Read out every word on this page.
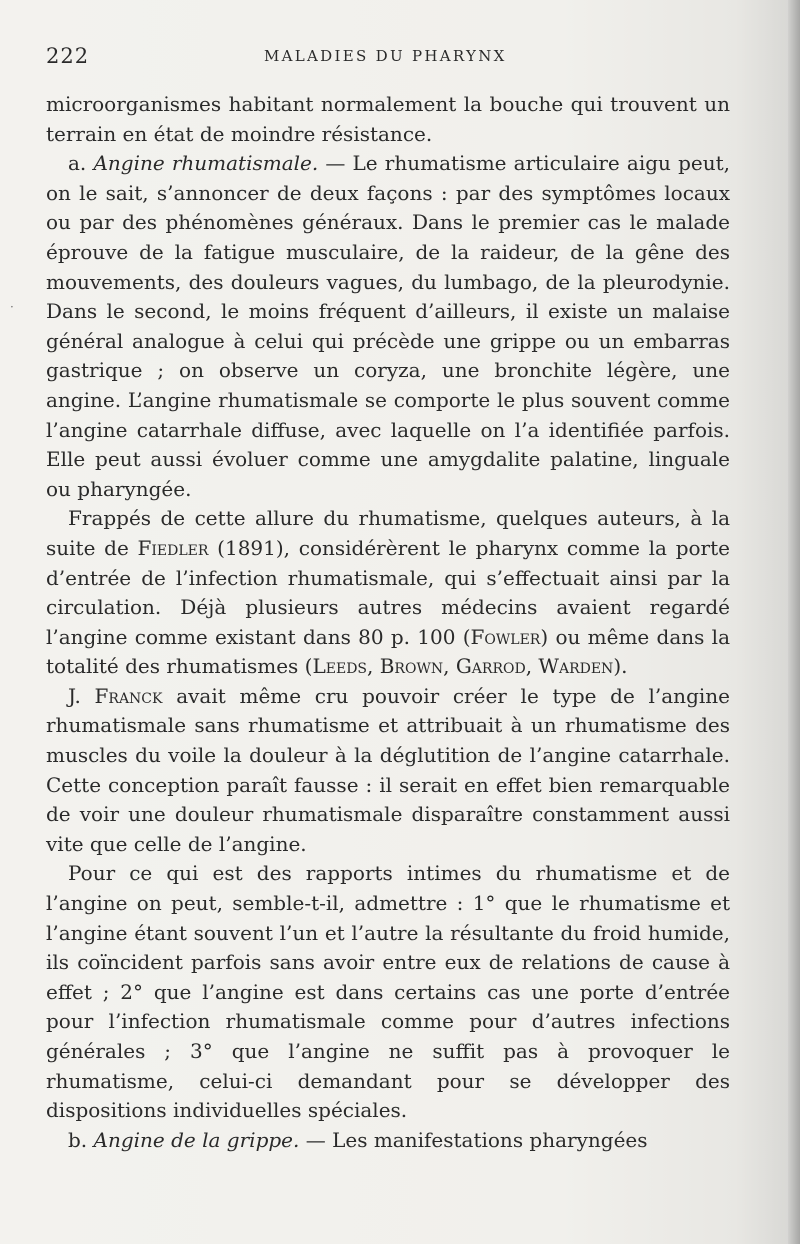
·
222	MALADIES DU PHARYNX

microorganismes habitant normalement la bouche qui trouvent un terrain en état de moindre résistance.

a. Angine rhumatismale. — Le rhumatisme articulaire aigu peut, on le sait, s’annoncer de deux façons : par des symptômes locaux ou par des phénomènes généraux. Dans le premier cas le malade éprouve de la fatigue musculaire, de la raideur, de la gêne des mouvements, des douleurs vagues, du lumbago, de la pleurodynie. Dans le second, le moins fréquent d’ailleurs, il existe un malaise général analogue à celui qui précède une grippe ou un embarras gastrique ; on observe un coryza, une bronchite légère, une angine. L’angine rhumatismale se comporte le plus souvent comme l’angine catarrhale diffuse, avec laquelle on l’a identifiée parfois. Elle peut aussi évoluer comme une amygdalite palatine, linguale ou pharyngée.

Frappés de cette allure du rhumatisme, quelques auteurs, à la suite de Fiedler (1891), considérèrent le pharynx comme la porte d’entrée de l’infection rhumatismale, qui s’effectuait ainsi par la circulation. Déjà plusieurs autres médecins avaient regardé l’angine comme existant dans 80 p. 100 (Fowler) ou même dans la totalité des rhumatismes (Leeds, Brown, Garrod, Warden).

J. Franck avait même cru pouvoir créer le type de l’angine rhumatismale sans rhumatisme et attribuait à un rhumatisme des muscles du voile la douleur à la déglutition de l’angine catarrhale. Cette conception paraît fausse : il serait en effet bien remarquable de voir une douleur rhumatismale disparaître constamment aussi vite que celle de l’angine.

Pour ce qui est des rapports intimes du rhumatisme et de l’angine on peut, semble-t-il, admettre : 1° que le rhumatisme et l’angine étant souvent l’un et l’autre la résultante du froid humide, ils coïncident parfois sans avoir entre eux de relations de cause à effet ; 2° que l’angine est dans certains cas une porte d’entrée pour l’infection rhumatismale comme pour d’autres infections générales ; 3° que l’angine ne suffit pas à provoquer le rhumatisme, celui-ci demandant pour se développer des dispositions individuelles spéciales.

b. Angine de la grippe. — Les manifestations pharyngées
